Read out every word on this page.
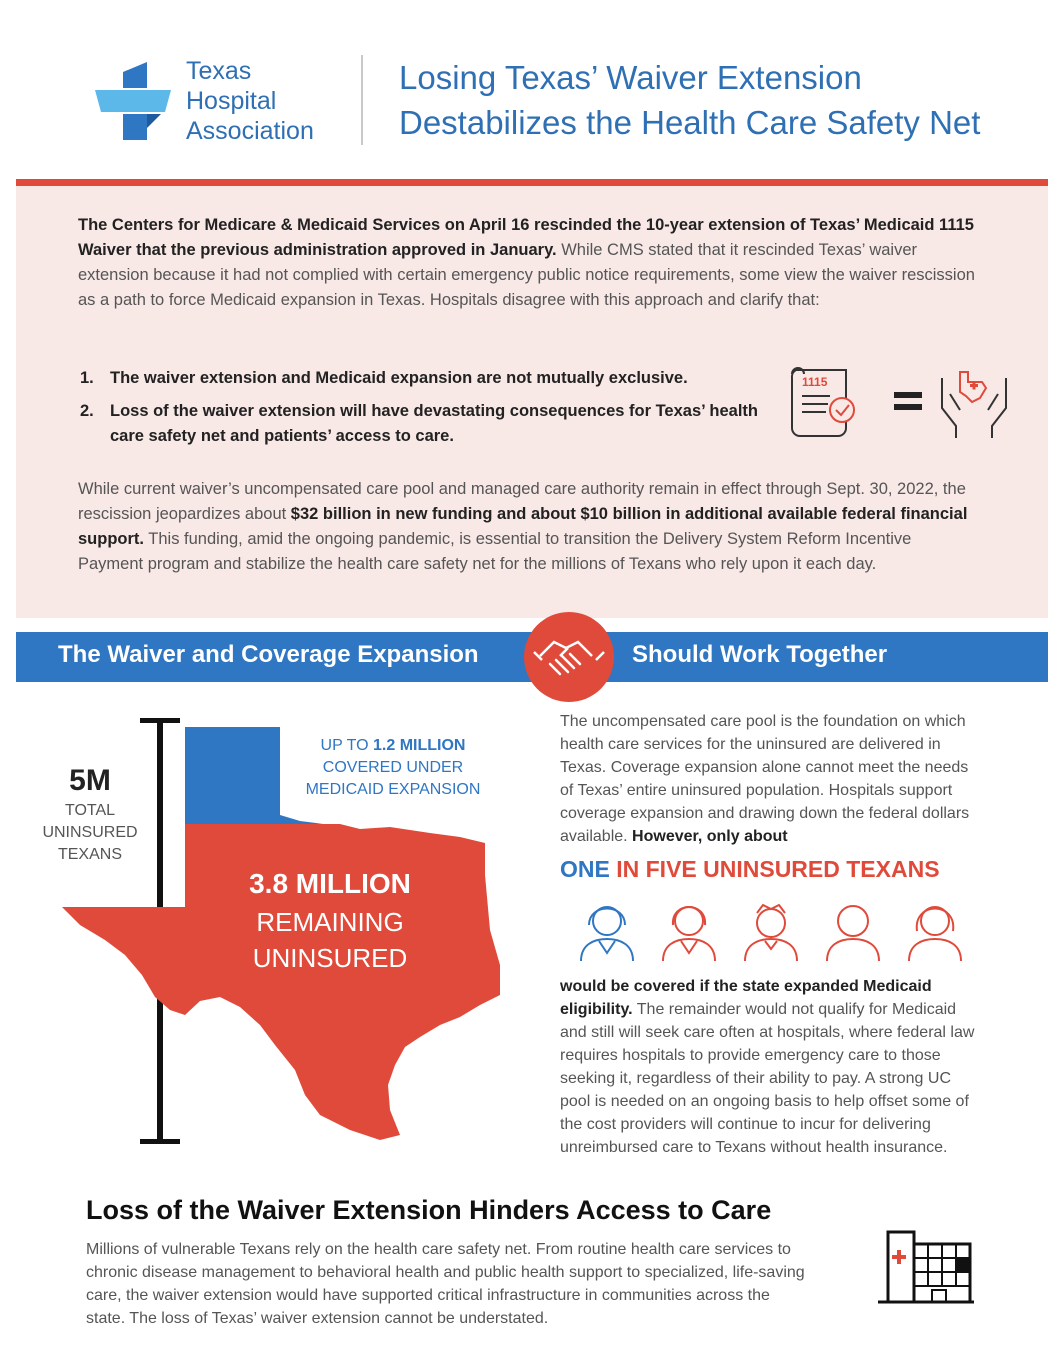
Texas
Hospital
Association
Losing Texas’ Waiver Extension
Destabilizes the Health Care Safety Net

The Centers for Medicare & Medicaid Services on April 16 rescinded the 10-year extension of Texas’ Medicaid 1115 Waiver that the previous administration approved in January. While CMS stated that it rescinded Texas’ waiver extension because it had not complied with certain emergency public notice requirements, some view the waiver rescission as a path to force Medicaid expansion in Texas. Hospitals disagree with this approach and clarify that:

1. The waiver extension and Medicaid expansion are not mutually exclusive.
2. Loss of the waiver extension will have devastating consequences for Texas’ health care safety net and patients’ access to care.
1115

While current waiver’s uncompensated care pool and managed care authority remain in effect through Sept. 30, 2022, the rescission jeopardizes about $32 billion in new funding and about $10 billion in additional available federal financial support. This funding, amid the ongoing pandemic, is essential to transition the Delivery System Reform Incentive Payment program and stabilize the health care safety net for the millions of Texans who rely upon it each day.

The Waiver and Coverage Expansion	Should Work Together
5M
TOTAL
UNINSURED
TEXANS
UP TO 1.2 MILLION
COVERED UNDER
MEDICAID EXPANSION
3.8 MILLION
REMAINING
UNINSURED

The uncompensated care pool is the foundation on which health care services for the uninsured are delivered in Texas. Coverage expansion alone cannot meet the needs of Texas’ entire uninsured population. Hospitals support coverage expansion and drawing down the federal dollars available. However, only about

ONE IN FIVE UNINSURED TEXANS

would be covered if the state expanded Medicaid eligibility. The remainder would not qualify for Medicaid and still will seek care often at hospitals, where federal law requires hospitals to provide emergency care to those seeking it, regardless of their ability to pay. A strong UC pool is needed on an ongoing basis to help offset some of the cost providers will continue to incur for delivering unreimbursed care to Texans without health insurance.

Loss of the Waiver Extension Hinders Access to Care

Millions of vulnerable Texans rely on the health care safety net. From routine health care services to chronic disease management to behavioral health and public health support to specialized, life-saving care, the waiver extension would have supported critical infrastructure in communities across the state. The loss of Texas’ waiver extension cannot be understated.
